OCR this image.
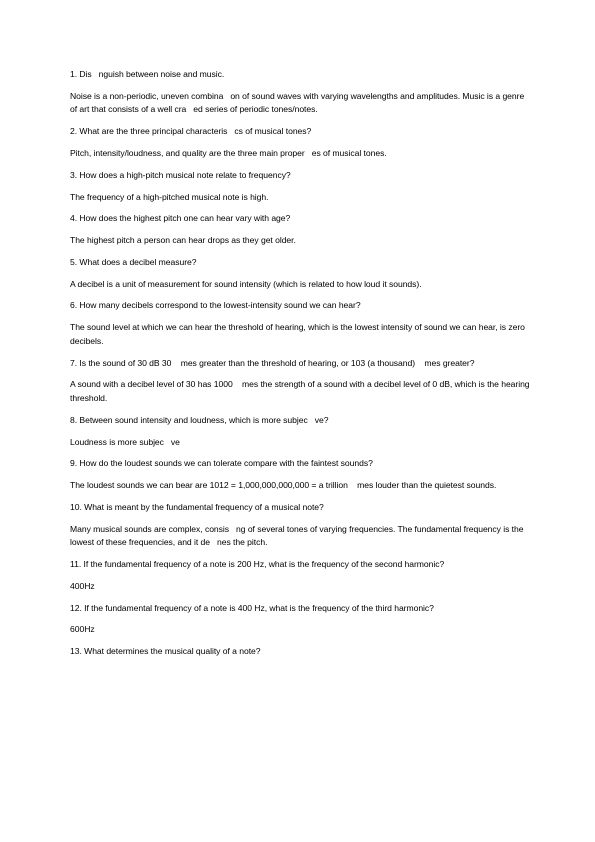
1. Dis   nguish between noise and music.

Noise is a non-periodic, uneven combina   on of sound waves with varying wavelengths and amplitudes. Music is a genre of art that consists of a well cra   ed series of periodic tones/notes.

2. What are the three principal characteris   cs of musical tones?

Pitch, intensity/loudness, and quality are the three main proper   es of musical tones.

3. How does a high-pitch musical note relate to frequency?

The frequency of a high-pitched musical note is high.

4. How does the highest pitch one can hear vary with age?

The highest pitch a person can hear drops as they get older.

5. What does a decibel measure?

A decibel is a unit of measurement for sound intensity (which is related to how loud it sounds).

6. How many decibels correspond to the lowest-intensity sound we can hear?

The sound level at which we can hear the threshold of hearing, which is the lowest intensity of sound we can hear, is zero decibels.

7. Is the sound of 30 dB 30    mes greater than the threshold of hearing, or 103 (a thousand)    mes greater?

A sound with a decibel level of 30 has 1000    mes the strength of a sound with a decibel level of 0 dB, which is the hearing threshold.

8. Between sound intensity and loudness, which is more subjec   ve?

Loudness is more subjec   ve

9. How do the loudest sounds we can tolerate compare with the faintest sounds?

The loudest sounds we can bear are 1012 = 1,000,000,000,000 = a trillion    mes louder than the quietest sounds.

10. What is meant by the fundamental frequency of a musical note?

Many musical sounds are complex, consis   ng of several tones of varying frequencies. The fundamental frequency is the lowest of these frequencies, and it de   nes the pitch.

11. If the fundamental frequency of a note is 200 Hz, what is the frequency of the second harmonic?

400Hz

12. If the fundamental frequency of a note is 400 Hz, what is the frequency of the third harmonic?

600Hz

13. What determines the musical quality of a note?
